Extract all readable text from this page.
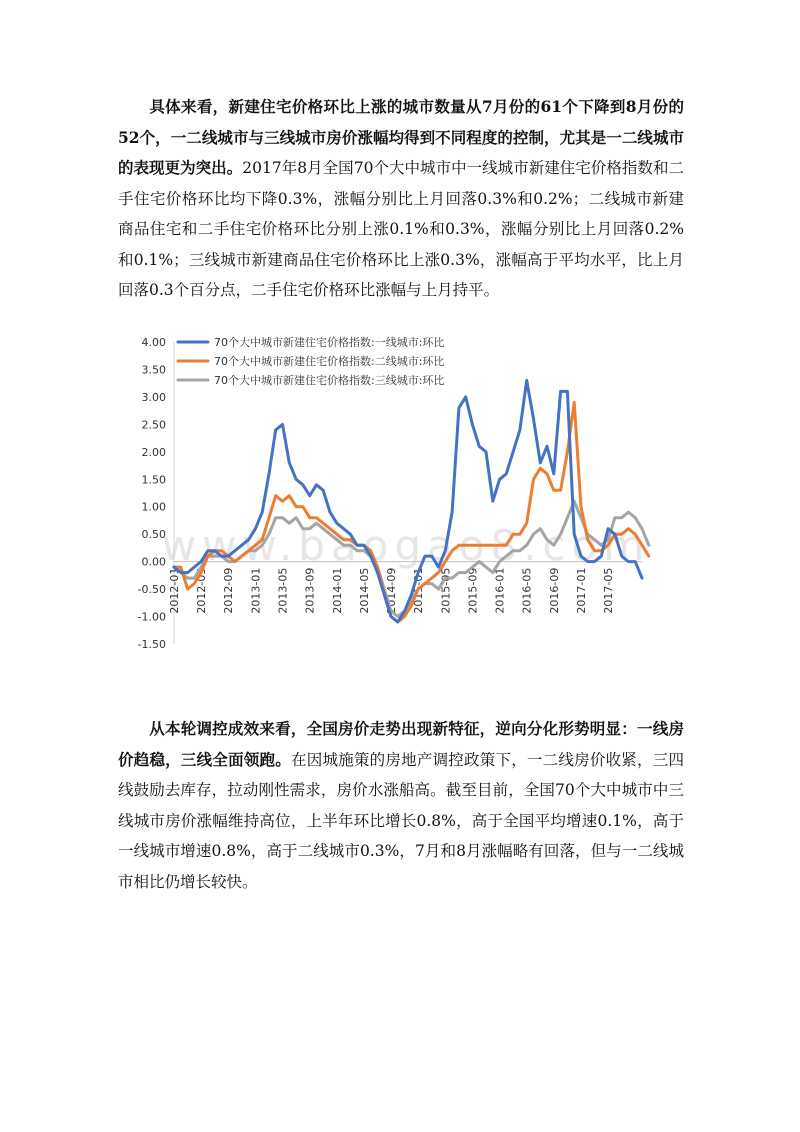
具体来看，新建住宅价格环比上涨的城市数量从7月份的61个下降到8月份的52个，一二线城市与三线城市房价涨幅均得到不同程度的控制，尤其是一二线城市的表现更为突出。2017年8月全国70个大中城市中一线城市新建住宅价格指数和二手住宅价格环比均下降0.3%，涨幅分别比上月回落0.3%和0.2%；二线城市新建商品住宅和二手住宅价格环比分别上涨0.1%和0.3%，涨幅分别比上月回落0.2%和0.1%；三线城市新建商品住宅价格环比上涨0.3%，涨幅高于平均水平，比上月回落0.3个百分点，二手住宅价格环比涨幅与上月持平。

www.baogao8.com
4.00
3.50
3.00
2.50
2.00
1.50
1.00
0.50
0.00
-0.50
-1.00
-1.50
2012-01 2012-05 2012-09 2013-01 2013-05 2013-09 2014-01 2014-05 2014-09 2015-01 2015-05 2015-09 2016-01 2016-05 2016-09 2017-01 2017-05
70个大中城市新建住宅价格指数:一线城市:环比
70个大中城市新建住宅价格指数:二线城市:环比
70个大中城市新建住宅价格指数:三线城市:环比

从本轮调控成效来看，全国房价走势出现新特征，逆向分化形势明显：一线房价趋稳，三线全面领跑。在因城施策的房地产调控政策下，一二线房价收紧，三四线鼓励去库存，拉动刚性需求，房价水涨船高。截至目前，全国70个大中城市中三线城市房价涨幅维持高位，上半年环比增长0.8%，高于全国平均增速0.1%，高于一线城市增速0.8%，高于二线城市0.3%，7月和8月涨幅略有回落，但与一二线城市相比仍增长较快。
